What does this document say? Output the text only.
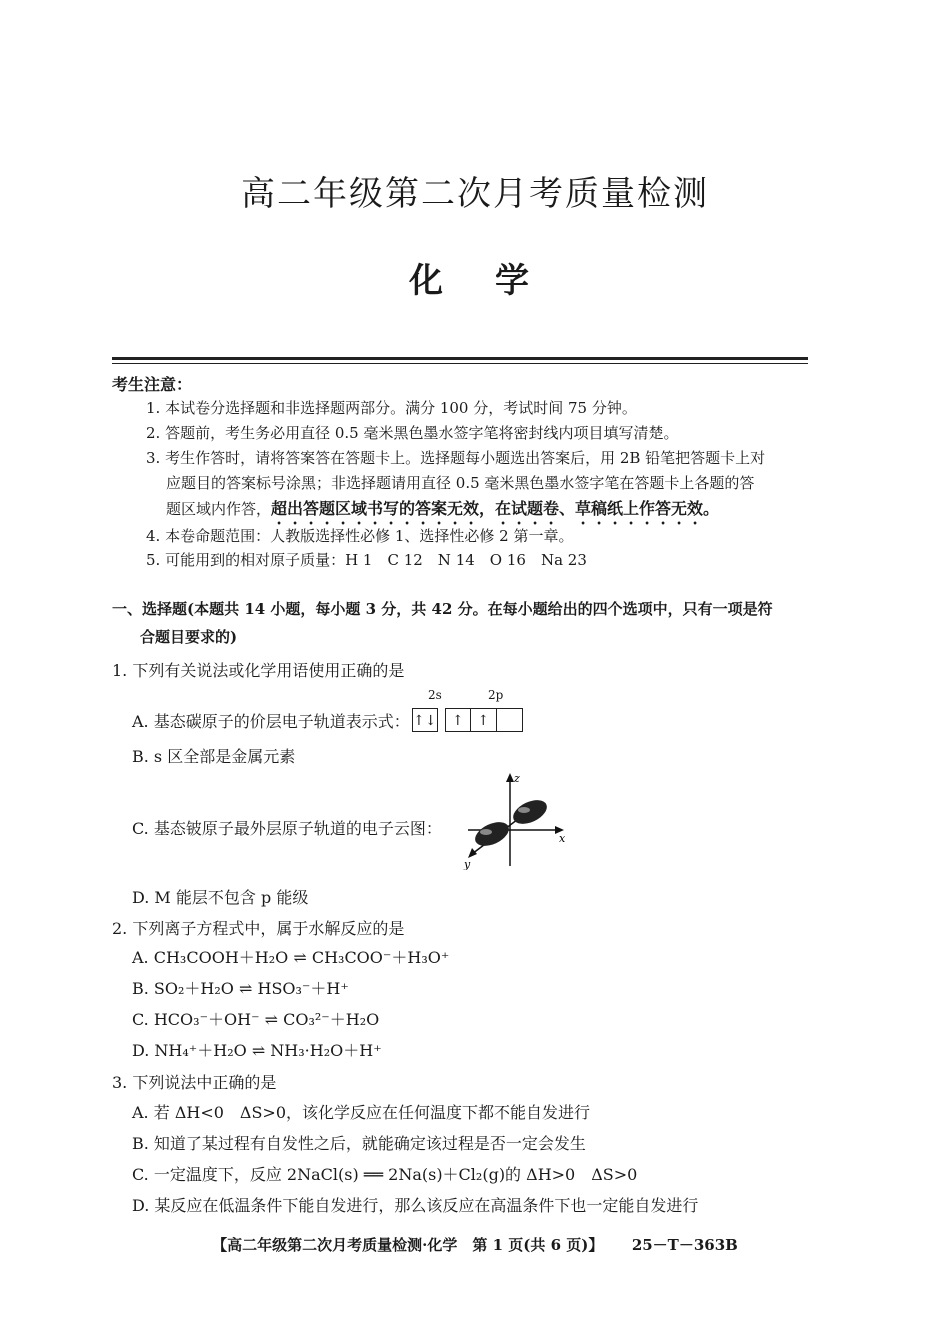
高二年级第二次月考质量检测
化学
考生注意：
1. 本试卷分选择题和非选择题两部分。满分 100 分，考试时间 75 分钟。
2. 答题前，考生务必用直径 0.5 毫米黑色墨水签字笔将密封线内项目填写清楚。
3. 考生作答时，请将答案答在答题卡上。选择题每小题选出答案后，用 2B 铅笔把答题卡上对
应题目的答案标号涂黑；非选择题请用直径 0.5 毫米黑色墨水签字笔在答题卡上各题的答
题区域内作答，超出答题区域书写的答案无效，在试题卷、草稿纸上作答无效。
4. 本卷命题范围：人教版选择性必修 1、选择性必修 2 第一章。
5. 可能用到的相对原子质量：H 1　C 12　N 14　O 16　Na 23
一、选择题(本题共 14 小题，每小题 3 分，共 42 分。在每小题给出的四个选项中，只有一项是符
合题目要求的)
1. 下列有关说法或化学用语使用正确的是
2s	2p
A. 基态碳原子的价层电子轨道表示式： ↑↓	↑ ↑
B. s 区全部是金属元素
C. 基态铍原子最外层原子轨道的电子云图：
z
x
y
D. M 能层不包含 p 能级
2. 下列离子方程式中，属于水解反应的是
A. CH₃COOH＋H₂O ⇌ CH₃COO⁻＋H₃O⁺
B. SO₂＋H₂O ⇌ HSO₃⁻＋H⁺
C. HCO₃⁻＋OH⁻ ⇌ CO₃²⁻＋H₂O
D. NH₄⁺＋H₂O ⇌ NH₃·H₂O＋H⁺
3. 下列说法中正确的是
A. 若 ΔH<0　ΔS>0，该化学反应在任何温度下都不能自发进行
B. 知道了某过程有自发性之后，就能确定该过程是否一定会发生
C. 一定温度下，反应 2NaCl(s) ══ 2Na(s)＋Cl₂(g)的 ΔH>0　ΔS>0
D. 某反应在低温条件下能自发进行，那么该反应在高温条件下也一定能自发进行
【高二年级第二次月考质量检测·化学　第 1 页(共 6 页)】 25－T－363B
